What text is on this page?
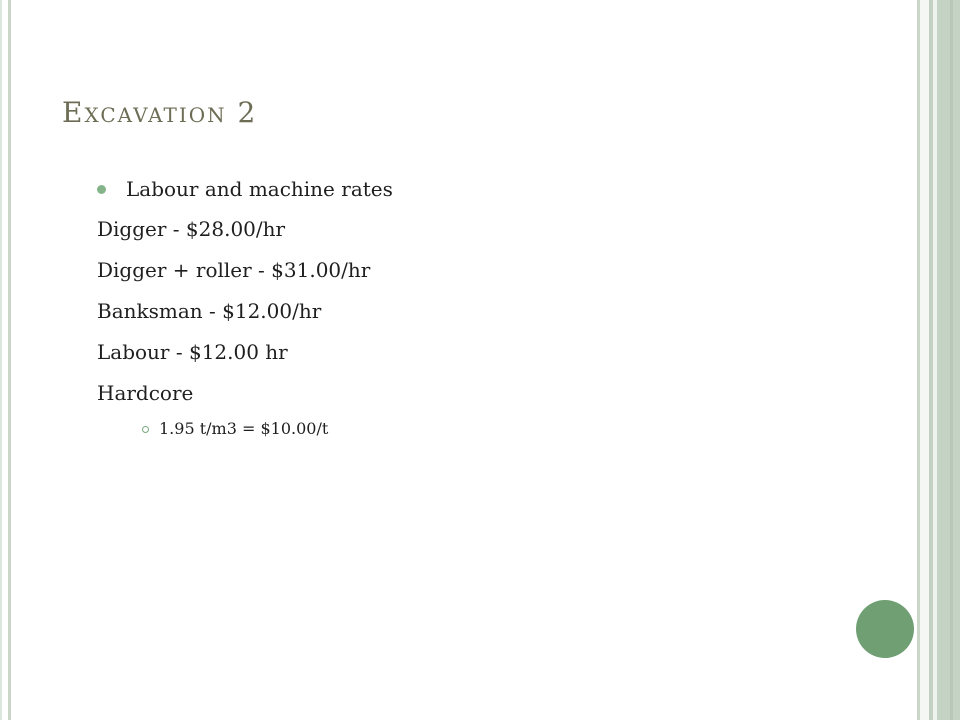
Excavation 2
Labour and machine rates
Digger - $28.00/hr
Digger + roller - $31.00/hr
Banksman - $12.00/hr
Labour - $12.00 hr
Hardcore
1.95 t/m3 = $10.00/t
